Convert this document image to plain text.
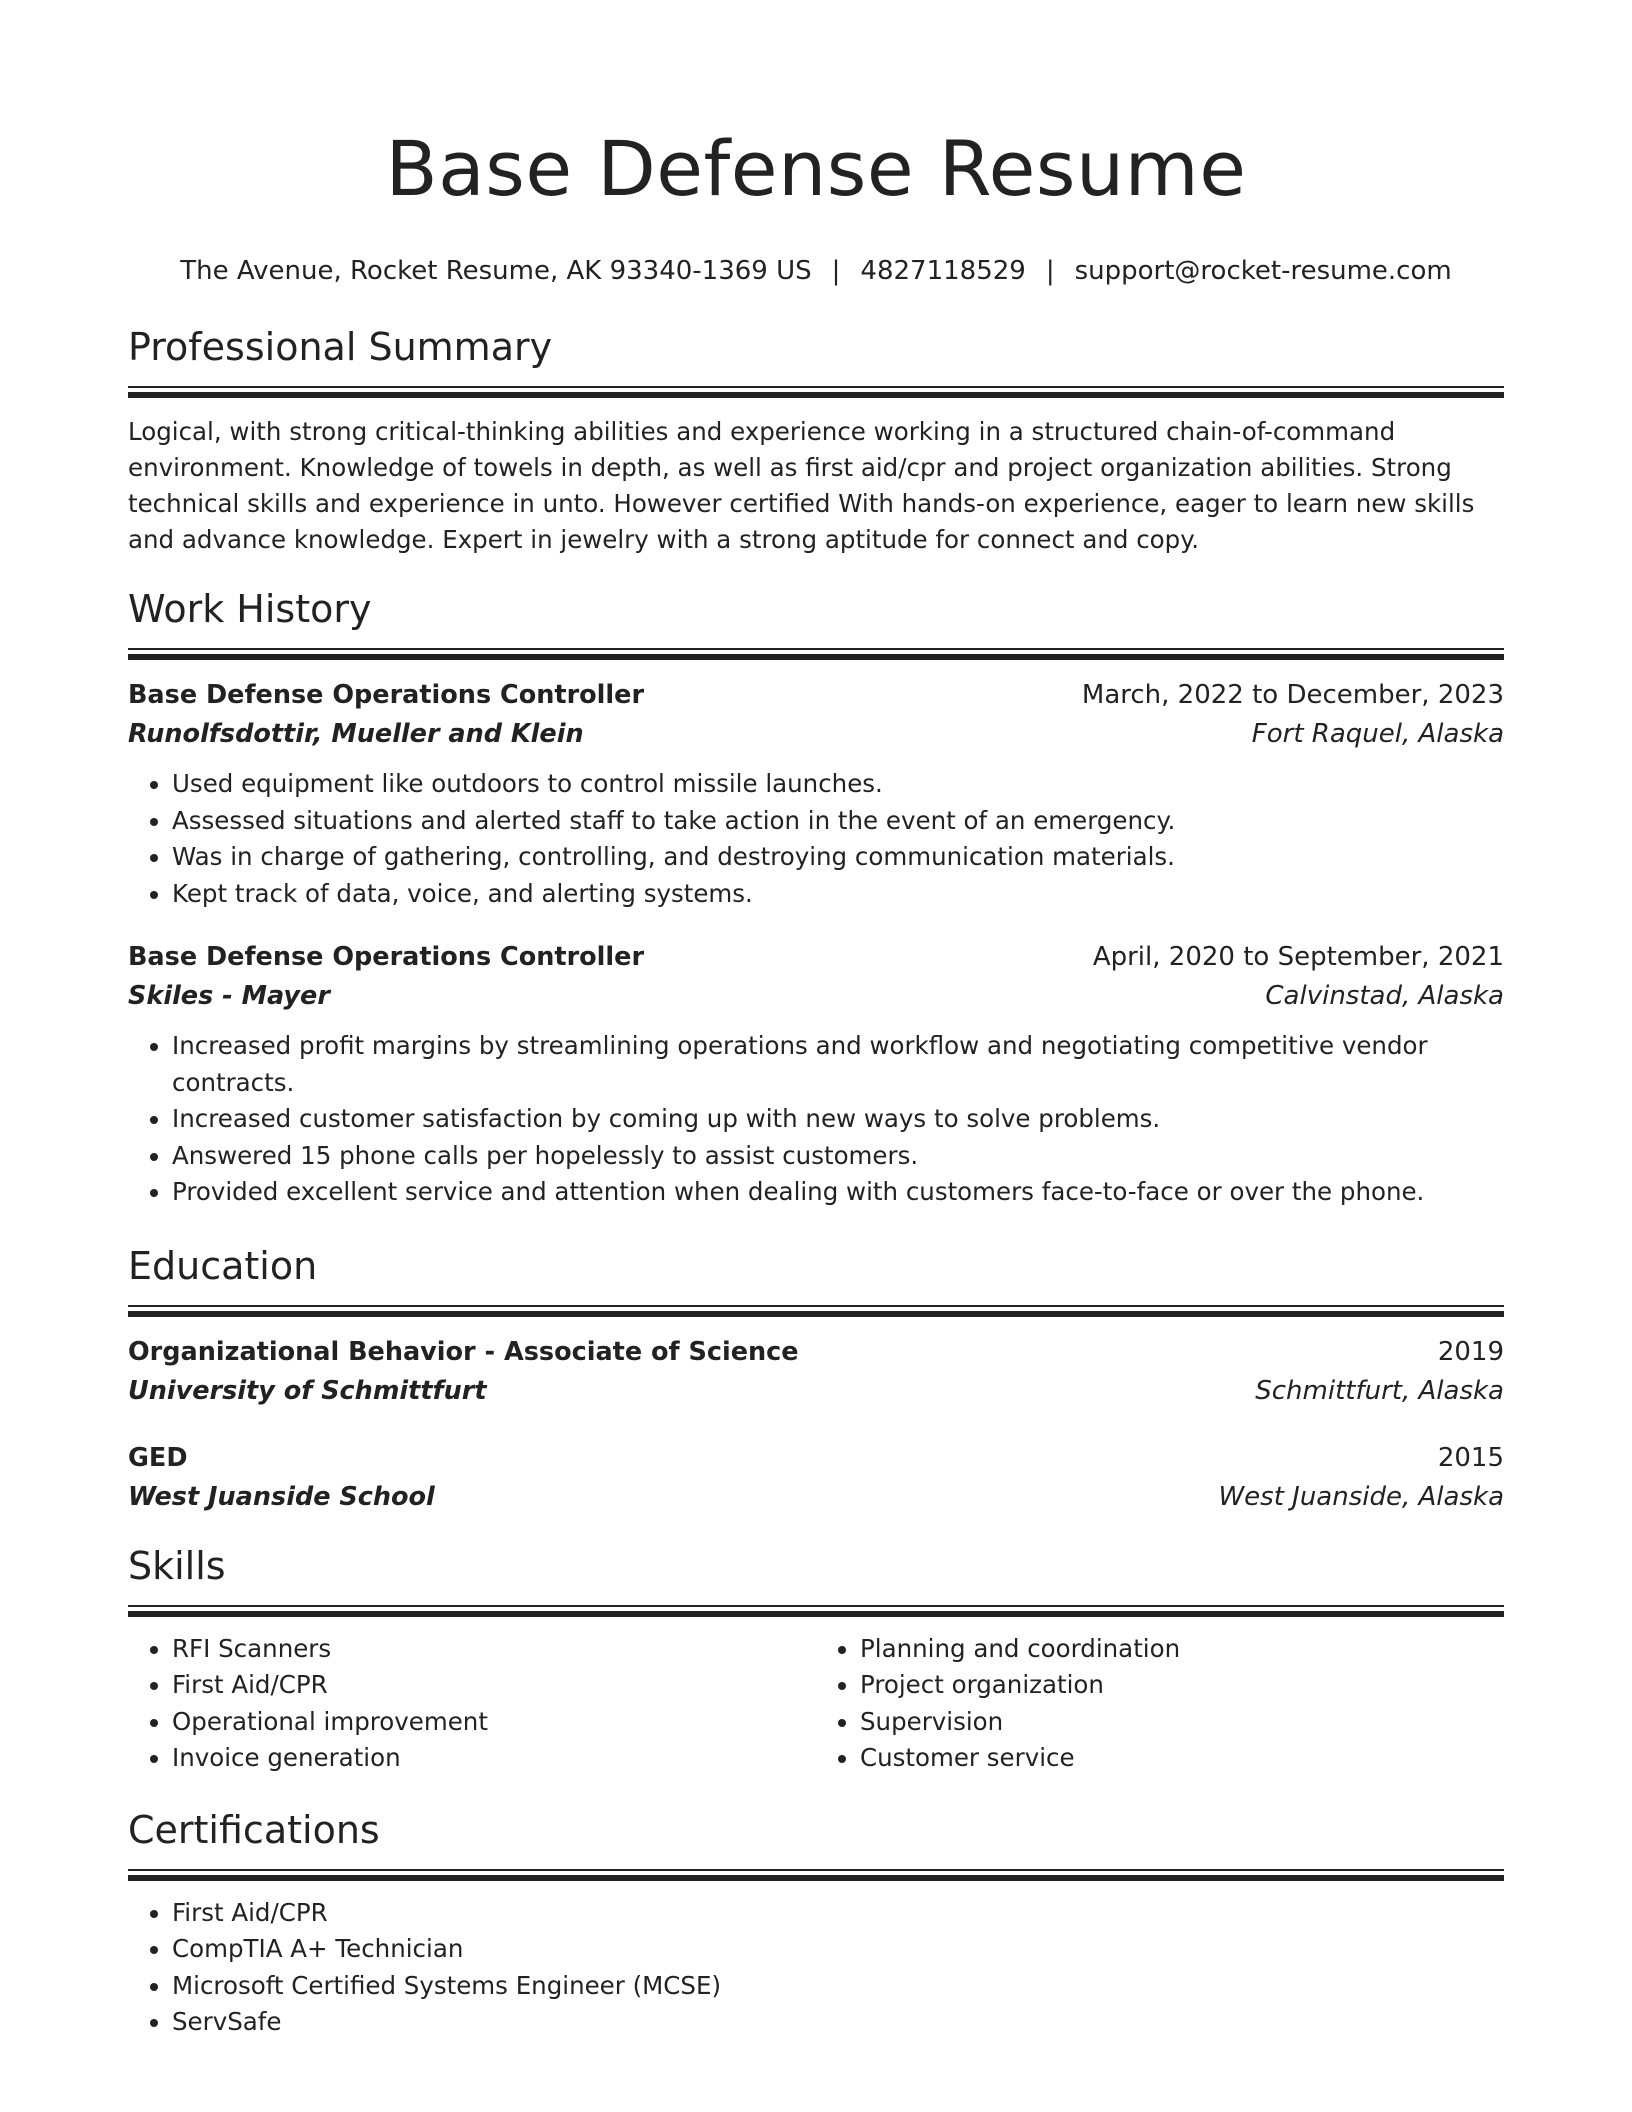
Base Defense Resume
The Avenue, Rocket Resume, AK 93340-1369 US | 4827118529 | support@rocket-resume.com
Professional Summary
Logical, with strong critical-thinking abilities and experience working in a structured chain-of-command environment. Knowledge of towels in depth, as well as first aid/cpr and project organization abilities. Strong technical skills and experience in unto. However certified With hands-on experience, eager to learn new skills and advance knowledge. Expert in jewelry with a strong aptitude for connect and copy.
Work History
Base Defense Operations Controller	March, 2022 to December, 2023
Runolfsdottir, Mueller and Klein	Fort Raquel, Alaska
• Used equipment like outdoors to control missile launches.
• Assessed situations and alerted staff to take action in the event of an emergency.
• Was in charge of gathering, controlling, and destroying communication materials.
• Kept track of data, voice, and alerting systems.
Base Defense Operations Controller	April, 2020 to September, 2021
Skiles - Mayer	Calvinstad, Alaska
• Increased profit margins by streamlining operations and workflow and negotiating competitive vendor contracts.
• Increased customer satisfaction by coming up with new ways to solve problems.
• Answered 15 phone calls per hopelessly to assist customers.
• Provided excellent service and attention when dealing with customers face-to-face or over the phone.
Education
Organizational Behavior - Associate of Science	2019
University of Schmittfurt	Schmittfurt, Alaska
GED	2015
West Juanside School	West Juanside, Alaska
Skills
• RFI Scanners
• First Aid/CPR
• Operational improvement
• Invoice generation
• Planning and coordination
• Project organization
• Supervision
• Customer service
Certifications
• First Aid/CPR
• CompTIA A+ Technician
• Microsoft Certified Systems Engineer (MCSE)
• ServSafe
